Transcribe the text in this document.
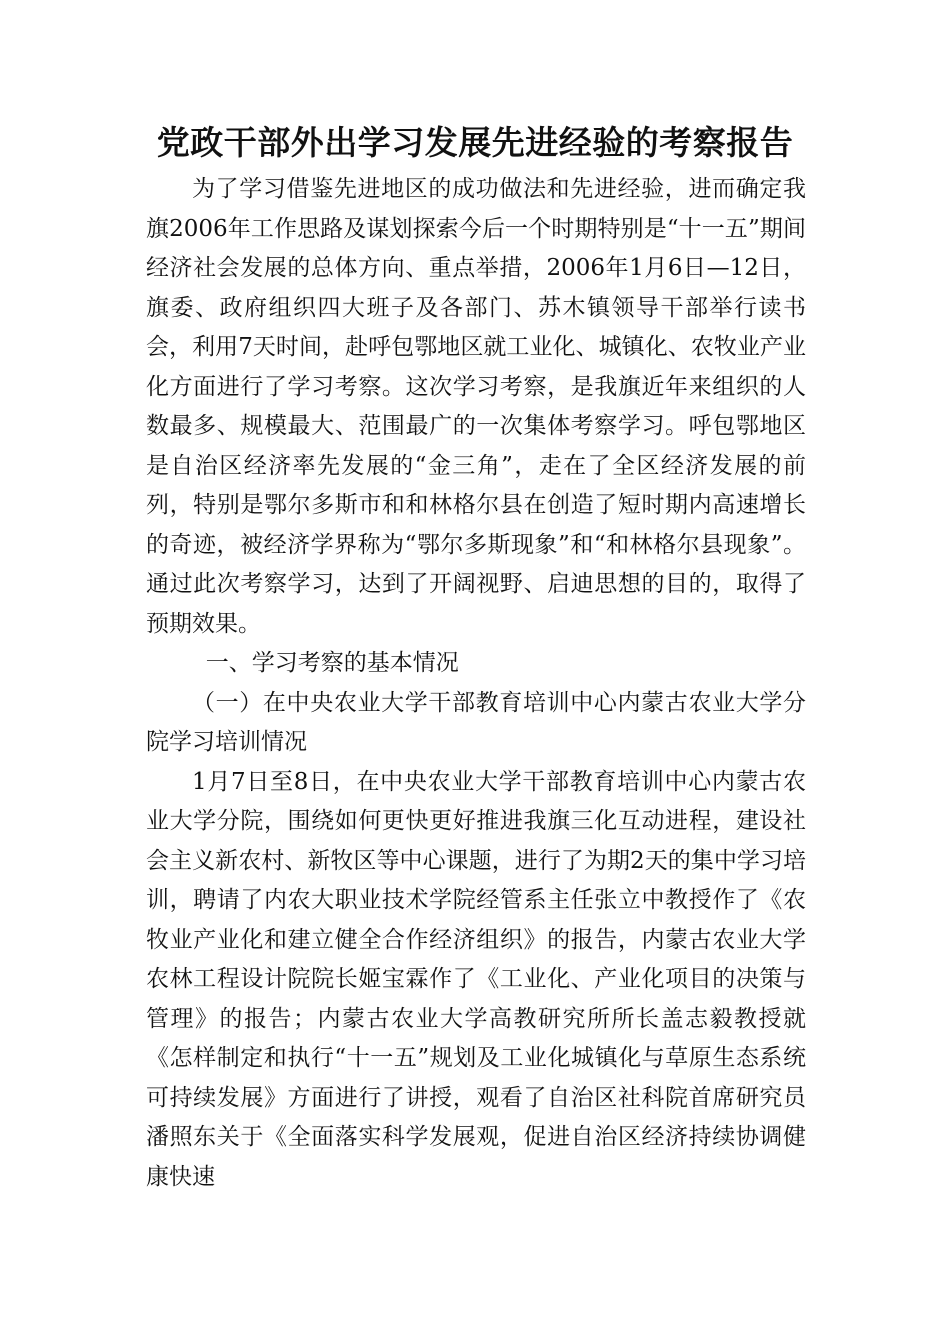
党政干部外出学习发展先进经验的考察报告

为了学习借鉴先进地区的成功做法和先进经验，进而确定我旗2006年工作思路及谋划探索今后一个时期特别是“十一五”期间经济社会发展的总体方向、重点举措，2006年1月6日—12日，旗委、政府组织四大班子及各部门、苏木镇领导干部举行读书会，利用7天时间，赴呼包鄂地区就工业化、城镇化、农牧业产业化方面进行了学习考察。这次学习考察，是我旗近年来组织的人数最多、规模最大、范围最广的一次集体考察学习。呼包鄂地区是自治区经济率先发展的“金三角”，走在了全区经济发展的前列，特别是鄂尔多斯市和和林格尔县在创造了短时期内高速增长的奇迹，被经济学界称为“鄂尔多斯现象”和“和林格尔县现象”。通过此次考察学习，达到了开阔视野、启迪思想的目的，取得了预期效果。

一、学习考察的基本情况

（一）在中央农业大学干部教育培训中心内蒙古农业大学分院学习培训情况

1月7日至8日，在中央农业大学干部教育培训中心内蒙古农业大学分院，围绕如何更快更好推进我旗三化互动进程，建设社会主义新农村、新牧区等中心课题，进行了为期2天的集中学习培训，聘请了内农大职业技术学院经管系主任张立中教授作了《农牧业产业化和建立健全合作经济组织》的报告，内蒙古农业大学农林工程设计院院长姬宝霖作了《工业化、产业化项目的决策与管理》的报告；内蒙古农业大学高教研究所所长盖志毅教授就《怎样制定和执行“十一五”规划及工业化城镇化与草原生态系统可持续发展》方面进行了讲授，观看了自治区社科院首席研究员潘照东关于《全面落实科学发展观，促进自治区经济持续协调健康快速
